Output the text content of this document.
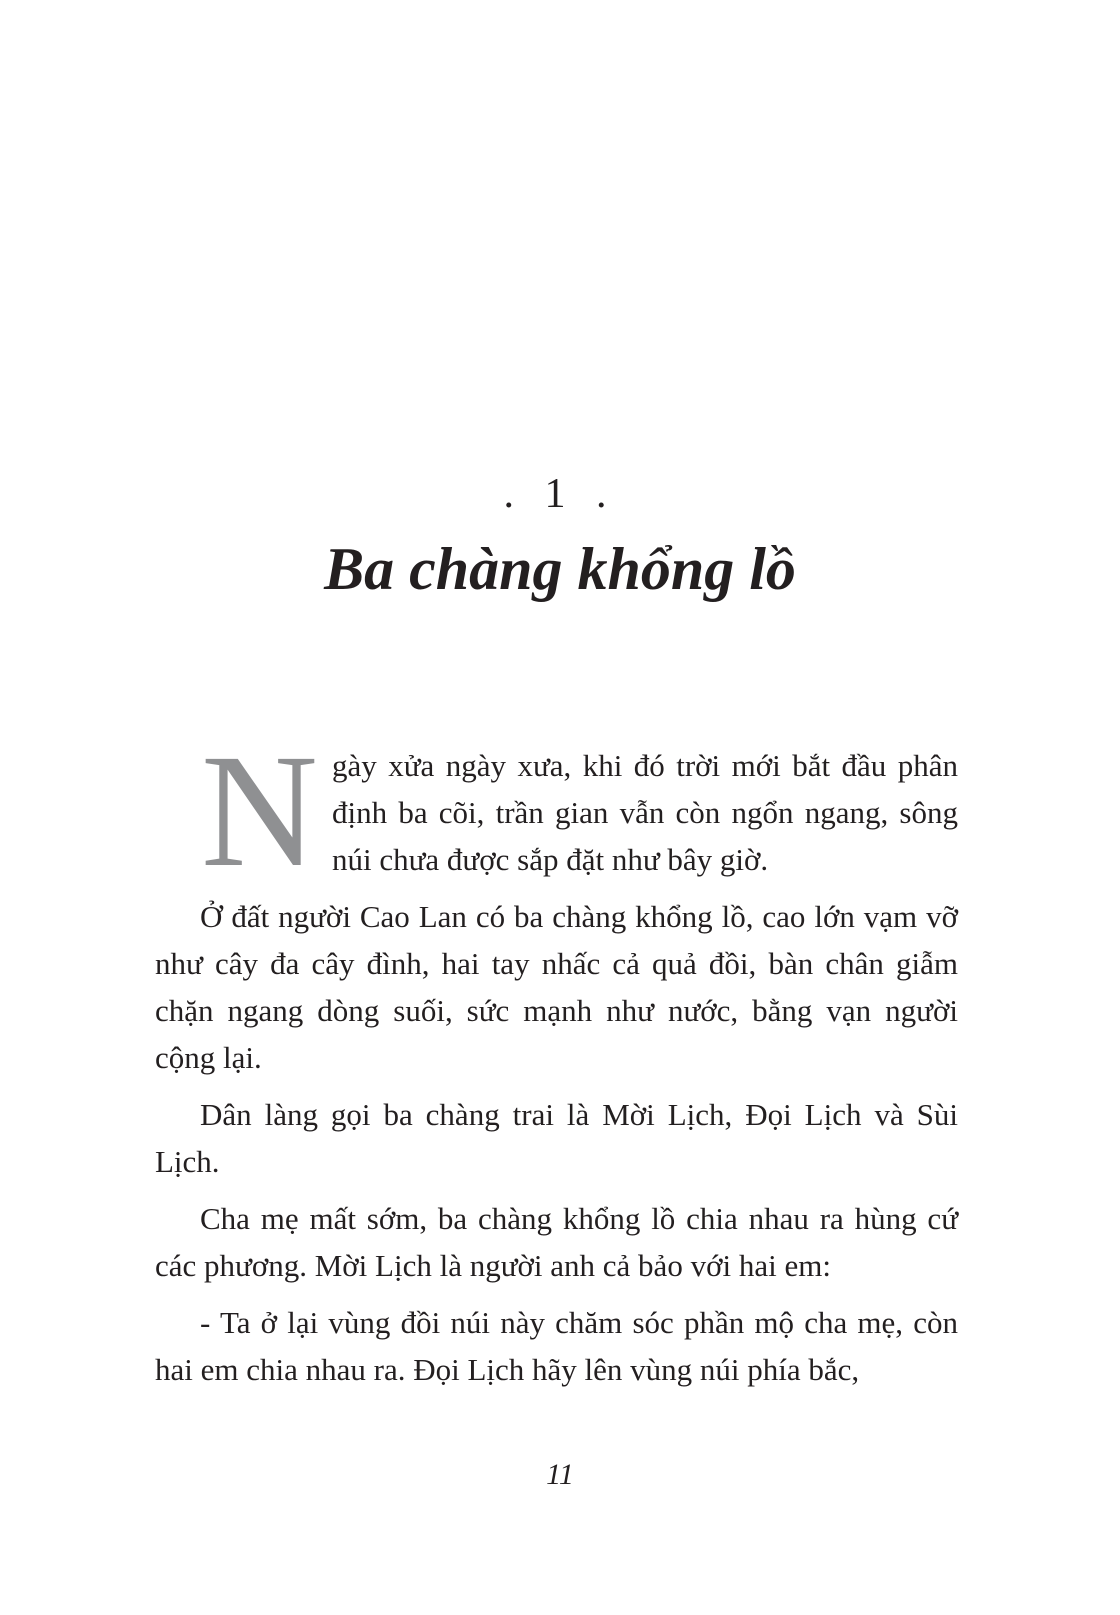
. 1 .
Ba chàng khổng lồ

Ngày xửa ngày xưa, khi đó trời mới bắt đầu phân định ba cõi, trần gian vẫn còn ngổn ngang, sông núi chưa được sắp đặt như bây giờ.

Ở đất người Cao Lan có ba chàng khổng lồ, cao lớn vạm vỡ như cây đa cây đình, hai tay nhấc cả quả đồi, bàn chân giẫm chặn ngang dòng suối, sức mạnh như nước, bằng vạn người cộng lại.

Dân làng gọi ba chàng trai là Mời Lịch, Đọi Lịch và Sùi Lịch.

Cha mẹ mất sớm, ba chàng khổng lồ chia nhau ra hùng cứ các phương. Mời Lịch là người anh cả bảo với hai em:

- Ta ở lại vùng đồi núi này chăm sóc phần mộ cha mẹ, còn hai em chia nhau ra. Đọi Lịch hãy lên vùng núi phía bắc,

11
